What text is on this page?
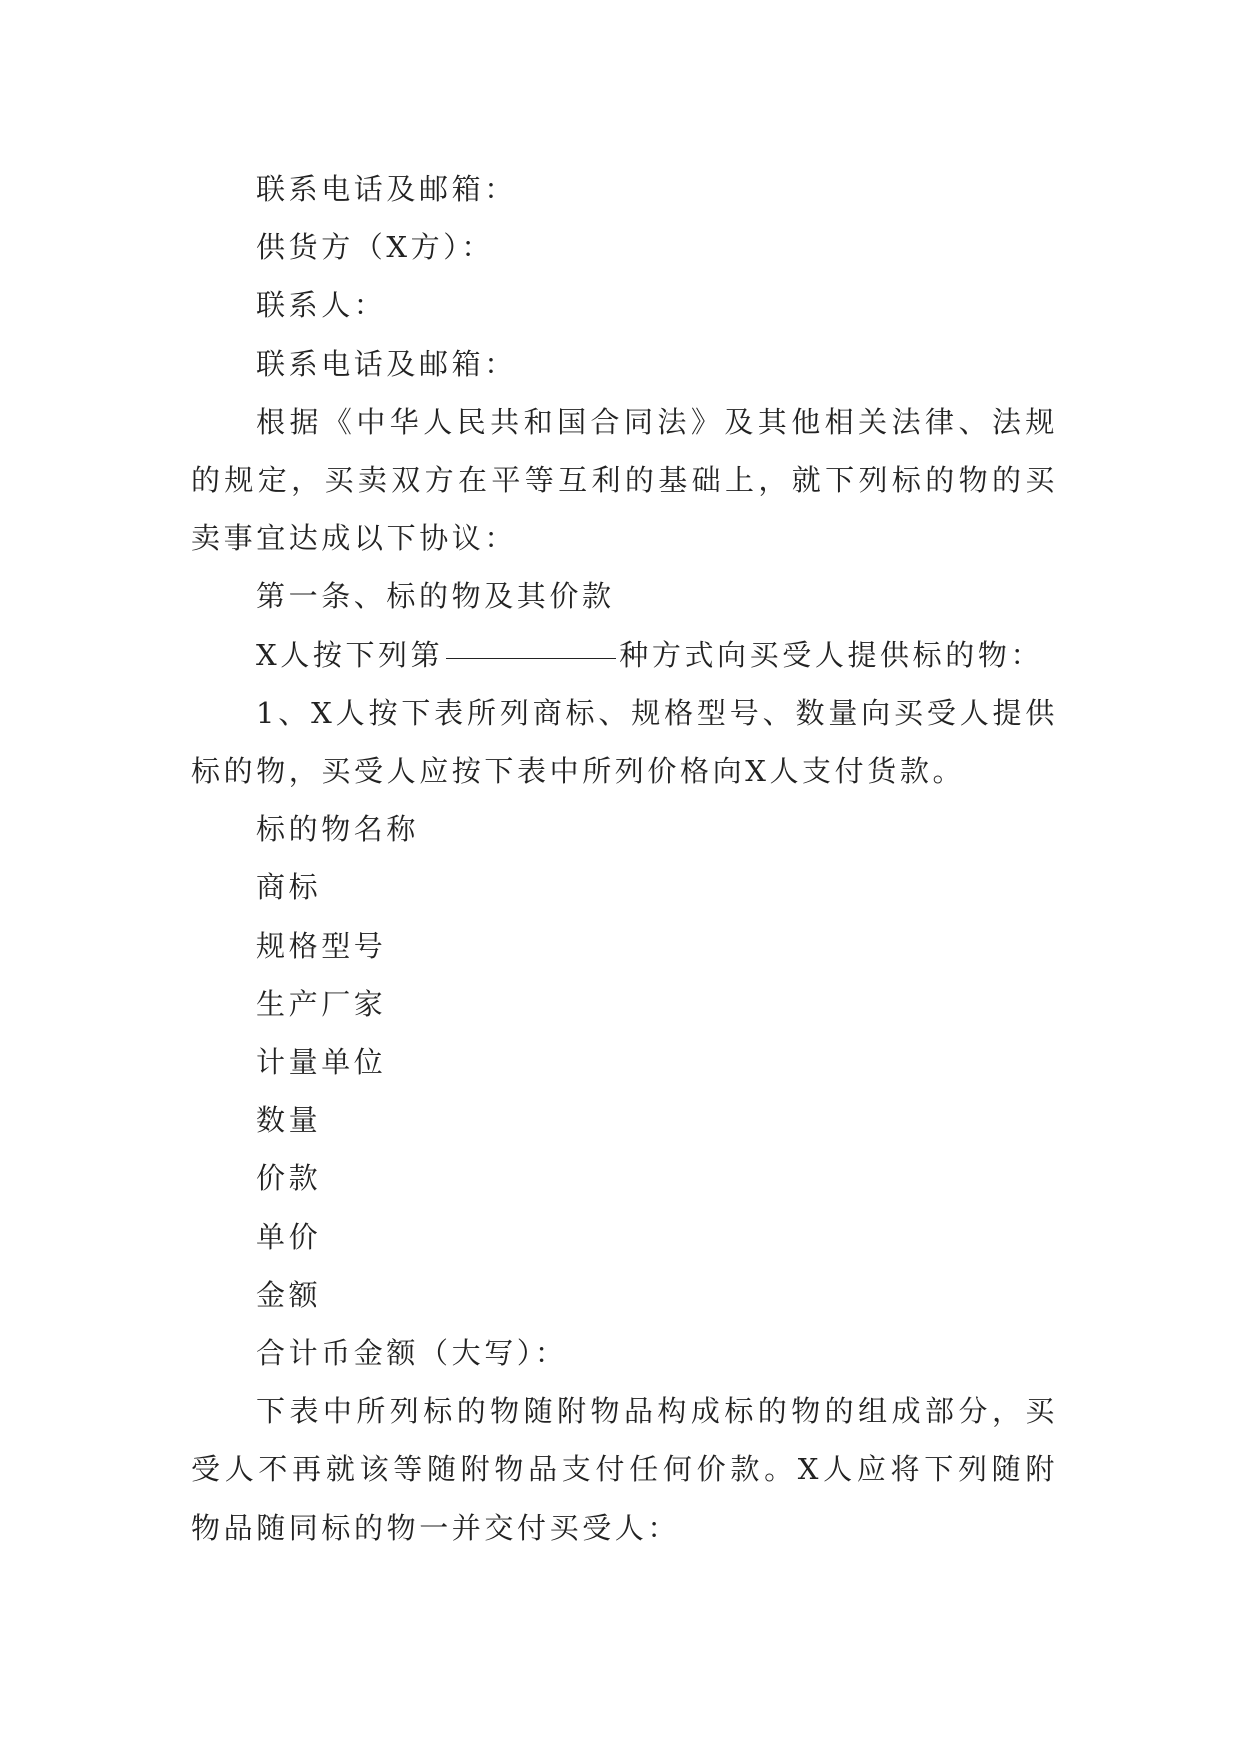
联系电话及邮箱：

供货方（X方）：

联系人：

联系电话及邮箱：

根据《中华人民共和国合同法》及其他相关法律、法规的规定，买卖双方在平等互利的基础上，就下列标的物的买卖事宜达成以下协议：

第一条、标的物及其价款

X人按下列第	种方式向买受人提供标的物：

1、X人按下表所列商标、规格型号、数量向买受人提供标的物，买受人应按下表中所列价格向X人支付货款。

标的物名称

商标

规格型号

生产厂家

计量单位

数量

价款

单价

金额

合计币金额（大写）：

下表中所列标的物随附物品构成标的物的组成部分，买受人不再就该等随附物品支付任何价款。X人应将下列随附物品随同标的物一并交付买受人：
